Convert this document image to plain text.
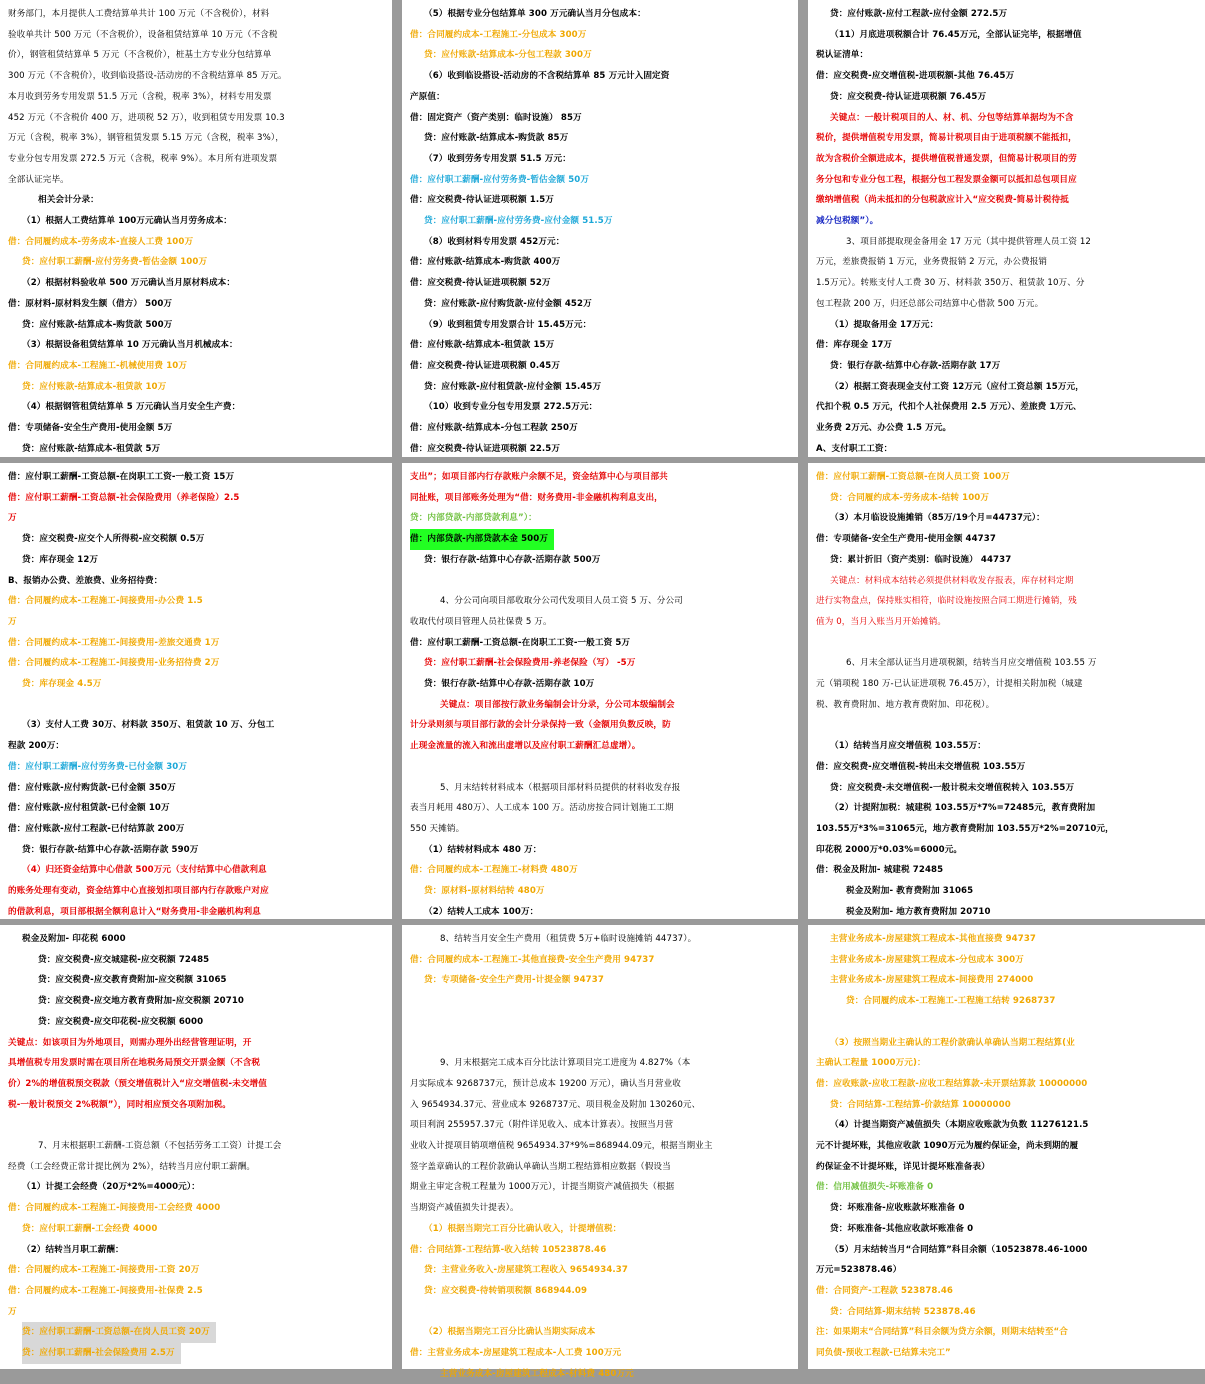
财务部门，本月提供人工费结算单共计 100 万元（不含税价），材料
验收单共计 500 万元（不含税价），设备租赁结算单 10 万元（不含税
价），钢管租赁结算单 5 万元（不含税价），桩基土方专业分包结算单
300 万元（不含税价），收到临设搭设-活动房的不含税结算单 85 万元。
本月收到劳务专用发票 51.5 万元（含税，税率 3%），材料专用发票
452 万元（不含税价 400 万，进项税 52 万），收到租赁专用发票 10.3
万元（含税，税率 3%），钢管租赁发票 5.15 万元（含税，税率 3%），
专业分包专用发票 272.5 万元（含税，税率 9%）。本月所有进项发票
全部认证完毕。
相关会计分录：
（1）根据人工费结算单 100万元确认当月劳务成本：
借：合同履约成本-劳务成本-直接人工费 100万
贷：应付职工薪酬-应付劳务费-暂估金额 100万
（2）根据材料验收单 500 万元确认当月原材料成本：
借：原材料-原材料发生额（借方） 500万
贷：应付账款-结算成本-购货款 500万
（3）根据设备租赁结算单 10 万元确认当月机械成本：
借：合同履约成本-工程施工-机械使用费 10万
贷：应付账款-结算成本-租赁款 10万
（4）根据钢管租赁结算单 5 万元确认当月安全生产费：
借：专项储备-安全生产费用-使用金额 5万
贷：应付账款-结算成本-租赁款 5万
（5）根据专业分包结算单 300 万元确认当月分包成本：
借：合同履约成本-工程施工-分包成本 300万
贷：应付账款-结算成本-分包工程款 300万
（6）收到临设搭设-活动房的不含税结算单 85 万元计入固定资
产原值：
借：固定资产（资产类别：临时设施） 85万
贷：应付账款-结算成本-购货款 85万
（7）收到劳务专用发票 51.5 万元：
借：应付职工薪酬-应付劳务费-暂估金额 50万
借：应交税费-待认证进项税额 1.5万
贷：应付职工薪酬-应付劳务费-应付金额 51.5万
（8）收到材料专用发票 452万元：
借：应付账款-结算成本-购货款 400万
借：应交税费-待认证进项税额 52万
贷：应付账款-应付购货款-应付金额 452万
（9）收到租赁专用发票合计 15.45万元：
借：应付账款-结算成本-租赁款 15万
借：应交税费-待认证进项税额 0.45万
贷：应付账款-应付租赁款-应付金额 15.45万
（10）收到专业分包专用发票 272.5万元：
借：应付账款-结算成本-分包工程款 250万
借：应交税费-待认证进项税额 22.5万
贷：应付账款-应付工程款-应付金额 272.5万
（11）月底进项税额合计 76.45万元，全部认证完毕，根据增值
税认证清单：
借：应交税费-应交增值税-进项税额-其他 76.45万
贷：应交税费-待认证进项税额 76.45万
关键点：一般计税项目的人、材、机、分包等结算单据均为不含
税价，提供增值税专用发票，简易计税项目由于进项税额不能抵扣，
故为含税价全额进成本，提供增值税普通发票，但简易计税项目的劳
务分包和专业分包工程，根据分包工程发票金额可以抵扣总包项目应
缴纳增值税（尚未抵扣的分包税款应计入“应交税费-简易计税待抵
减分包税额”）。
3、项目部提取现金备用金 17 万元（其中提供管理人员工资 12
万元，差旅费报销 1 万元，业务费报销 2 万元，办公费报销
1.5万元）。转账支付人工费 30 万、材料款 350万、租赁款 10万、分
包工程款 200 万，归还总部公司结算中心借款 500 万元。
（1）提取备用金 17万元：
借：库存现金 17万
贷：银行存款-结算中心存款-活期存款 17万
（2）根据工资表现金支付工资 12万元（应付工资总额 15万元，
代扣个税 0.5 万元，代扣个人社保费用 2.5 万元）、差旅费 1万元、
业务费 2万元、办公费 1.5 万元。
A、支付职工工资：
借：应付职工薪酬-工资总额-在岗职工工资-一般工资 15万
借：应付职工薪酬-工资总额-社会保险费用（养老保险）2.5
万
贷：应交税费-应交个人所得税-应交税额 0.5万
贷：库存现金 12万
B、报销办公费、差旅费、业务招待费：
借：合同履约成本-工程施工-间接费用-办公费 1.5
万
借：合同履约成本-工程施工-间接费用-差旅交通费 1万
借：合同履约成本-工程施工-间接费用-业务招待费 2万
贷：库存现金 4.5万

（3）支付人工费 30万、材料款 350万、租赁款 10 万、分包工
程款 200万：
借：应付职工薪酬-应付劳务费-已付金额 30万
借：应付账款-应付购货款-已付金额 350万
借：应付账款-应付租赁款-已付金额 10万
借：应付账款-应付工程款-已付结算款 200万
贷：银行存款-结算中心存款-活期存款 590万
（4）归还资金结算中心借款 500万元（支付结算中心借款利息
的账务处理有变动，资金结算中心直接划扣项目部内行存款账户对应
的借款利息，项目部根据全额利息计入“财务费用-非金融机构利息
支出”；如项目部内行存款账户余额不足，资金结算中心与项目部共
同扯账，项目部账务处理为“借：财务费用-非金融机构利息支出，
贷：内部贷款-内部贷款利息”）：
借：内部贷款-内部贷款本金 500万
贷：银行存款-结算中心存款-活期存款 500万

4、分公司向项目部收取分公司代发项目人员工资 5 万、分公司
收取代付项目管理人员社保费 5 万。
借：应付职工薪酬-工资总额-在岗职工工资-一般工资 5万
贷：应付职工薪酬-社会保险费用-养老保险（写） -5万
贷：银行存款-结算中心存款-活期存款 10万
关键点：项目部按行款业务编制会计分录，分公司本级编制会
计分录则须与项目部行款的会计分录保持一致（金额用负数反映，防
止现金流量的流入和流出虚增以及应付职工薪酬汇总虚增）。

5、月末结转材料成本（根据项目部材料员提供的材料收发存报
表当月耗用 480万）、人工成本 100 万。活动房按合同计划施工工期
550 天摊销。
（1）结转材料成本 480 万：
借：合同履约成本-工程施工-材料费 480万
贷：原材料-原材料结转 480万
（2）结转人工成本 100万：
借：应付职工薪酬-工资总额-在岗人员工资 100万
贷：合同履约成本-劳务成本-结转 100万
（3）本月临设设施摊销（85万/19个月=44737元）：
借：专项储备-安全生产费用-使用金额 44737
贷：累计折旧（资产类别：临时设施） 44737
关键点：材料成本结转必须提供材料收发存报表，库存材料定期
进行实物盘点，保持账实相符，临时设施按照合同工期进行摊销，残
值为 0，当月入账当月开始摊销。

6、月末全部认证当月进项税额，结转当月应交增值税 103.55 万
元（销项税 180 万-已认证进项税 76.45万），计提相关附加税（城建
税、教育费附加、地方教育费附加、印花税）。

（1）结转当月应交增值税 103.55万：
借：应交税费-应交增值税-转出未交增值税 103.55万
贷：应交税费-未交增值税-一般计税未交增值税转入 103.55万
（2）计提附加税：城建税 103.55万*7%=72485元，教育费附加
103.55万*3%=31065元，地方教育费附加 103.55万*2%=20710元，
印花税 2000万*0.03%=6000元。
借：税金及附加- 城建税 72485
税金及附加- 教育费附加 31065
税金及附加- 地方教育费附加 20710
税金及附加- 印花税 6000
贷：应交税费-应交城建税-应交税额 72485
贷：应交税费-应交教育费附加-应交税额 31065
贷：应交税费-应交地方教育费附加-应交税额 20710
贷：应交税费-应交印花税-应交税额 6000
关键点：如该项目为外地项目，则需办理外出经营管理证明，开
具增值税专用发票时需在项目所在地税务局预交开票金额（不含税
价）2%的增值税预交税款（预交增值税计入“应交增值税-未交增值
税-一般计税预交 2%税额”），同时相应预交各项附加税。

7、月末根据职工薪酬-工资总额（不包括劳务工工资）计提工会
经费（工会经费正常计提比例为 2%），结转当月应付职工薪酬。
（1）计提工会经费（20万*2%=4000元）：
借：合同履约成本-工程施工-间接费用-工会经费 4000
贷：应付职工薪酬-工会经费 4000
（2）结转当月职工薪酬：
借：合同履约成本-工程施工-间接费用-工资 20万
借：合同履约成本-工程施工-间接费用-社保费 2.5
万
贷：应付职工薪酬-工资总额-在岗人员工资 20万
贷：应付职工薪酬-社会保险费用 2.5万
8、结转当月安全生产费用（租赁费 5万+临时设施摊销 44737）。
借：合同履约成本-工程施工-其他直接费-安全生产费用 94737
贷：专项储备-安全生产费用-计提金额 94737

9、月末根据完工成本百分比法计算项目完工进度为 4.827%（本
月实际成本 9268737元，预计总成本 19200 万元），确认当月营业收
入 9654934.37元、营业成本 9268737元、项目税金及附加 130260元、
项目利润 255957.37元（附件详见收入、成本计算表）。按照当月营
业收入计提项目销项增值税 9654934.37*9%=868944.09元，根据当期业主
签字盖章确认的工程价款确认单确认当期工程结算相应数据（假设当
期业主审定含税工程量为 1000万元），计提当期资产减值损失（根据
当期资产减值损失计提表）。
（1）根据当期完工百分比确认收入，计提增值税：
借：合同结算-工程结算-收入结转 10523878.46
贷：主营业务收入-房屋建筑工程收入 9654934.37
贷：应交税费-待转销项税额 868944.09

（2）根据当期完工百分比确认当期实际成本
借：主营业务成本-房屋建筑工程成本-人工费 100万元
主营业务成本-房屋建筑工程成本-材料费 480万元
主营业务成本-房屋建筑工程成本-其他直接费 94737
主营业务成本-房屋建筑工程成本-分包成本 300万
主营业务成本-房屋建筑工程成本-间接费用 274000
贷：合同履约成本-工程施工-工程施工结转 9268737

（3）按照当期业主确认的工程价款确认单确认当期工程结算(业
主确认工程量 1000万元)：
借：应收账款-应收工程款-应收工程结算款-未开票结算款 10000000
贷：合同结算-工程结算-价款结算 10000000
（4）计提当期资产减值损失（本期应收账款为负数 11276121.5
元不计提坏账，其他应收款 1090万元为履约保证金，尚未到期的履
约保证金不计提坏账，详见计提坏账准备表）
借：信用减值损失-坏账准备 0
贷：坏账准备-应收账款坏账准备 0
贷：坏账准备-其他应收款坏账准备 0
（5）月末结转当月“合同结算”科目余额（10523878.46-1000
万元=523878.46）
借：合同资产-工程款 523878.46
贷：合同结算-期末结转 523878.46
注：如果期末“合同结算”科目余额为贷方余额，则期末结转至“合
同负债-预收工程款-已结算未完工”
